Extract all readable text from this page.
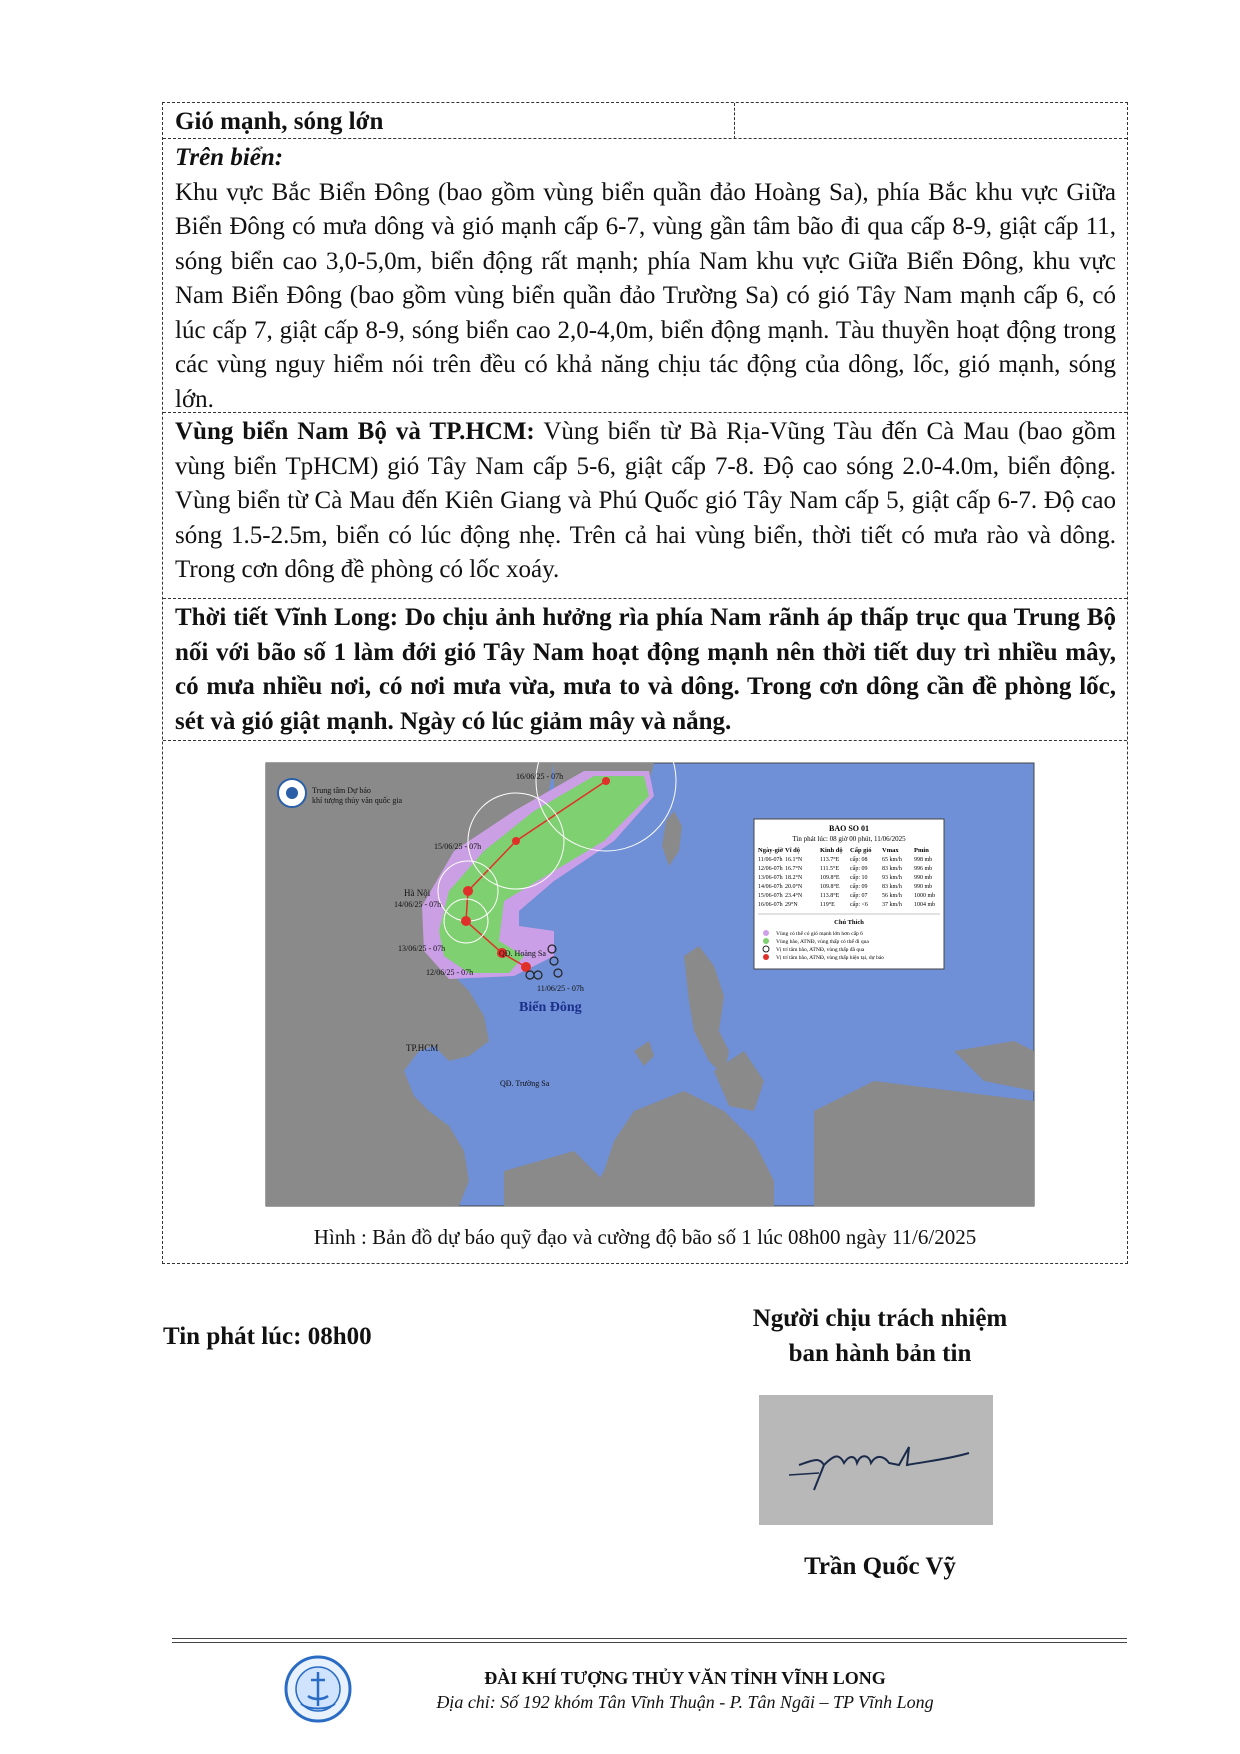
Gió mạnh, sóng lớn
Trên biển:
Khu vực Bắc Biển Đông (bao gồm vùng biển quần đảo Hoàng Sa), phía Bắc khu vực Giữa Biển Đông có mưa dông và gió mạnh cấp 6-7, vùng gần tâm bão đi qua cấp 8-9, giật cấp 11, sóng biển cao 3,0-5,0m, biển động rất mạnh; phía Nam khu vực Giữa Biển Đông, khu vực Nam Biển Đông (bao gồm vùng biển quần đảo Trường Sa) có gió Tây Nam mạnh cấp 6, có lúc cấp 7, giật cấp 8-9, sóng biển cao 2,0-4,0m, biển động mạnh. Tàu thuyền hoạt động trong các vùng nguy hiểm nói trên đều có khả năng chịu tác động của dông, lốc, gió mạnh, sóng lớn.
Vùng biển Nam Bộ và TP.HCM: Vùng biển từ Bà Rịa-Vũng Tàu đến Cà Mau (bao gồm vùng biển TpHCM) gió Tây Nam cấp 5-6, giật cấp 7-8. Độ cao sóng 2.0-4.0m, biển động. Vùng biển từ Cà Mau đến Kiên Giang và Phú Quốc gió Tây Nam cấp 5, giật cấp 6-7. Độ cao sóng 1.5-2.5m, biển có lúc động nhẹ. Trên cả hai vùng biển, thời tiết có mưa rào và dông. Trong cơn dông đề phòng có lốc xoáy.
Thời tiết Vĩnh Long: Do chịu ảnh hưởng rìa phía Nam rãnh áp thấp trục qua Trung Bộ nối với bão số 1 làm đới gió Tây Nam hoạt động mạnh nên thời tiết duy trì nhiều mây, có mưa nhiều nơi, có nơi mưa vừa, mưa to và dông. Trong cơn dông cần đề phòng lốc, sét và gió giật mạnh. Ngày có lúc giảm mây và nắng.
Trung tâm Dự báo
khí tượng thủy văn quốc gia
Hà Nội
TP.HCM
QĐ. Hoàng Sa
QĐ. Trường Sa
Biển Đông
16/06/25 - 07h
15/06/25 - 07h
14/06/25 - 07h
13/06/25 - 07h
12/06/25 - 07h
11/06/25 - 07h
BAO SO 01
Tin phát lúc: 08 giờ 00 phút, 11/06/2025
Ngày-giờ Vĩ độ	Kinh độ Cấp gió Vmax Pmin
11/06-07h 16.1°N	113.7°E cấp: 08 65 km/h 998 mb
12/06-07h 16.7°N	111.5°E cấp: 09 83 km/h 996 mb
13/06-07h 18.2°N	109.8°E cấp: 10 93 km/h 990 mb
14/06-07h 20.0°N	109.8°E cấp: 09 83 km/h 990 mb
15/06-07h 23.4°N	113.8°E cấp: 07 56 km/h 1000 mb
16/06-07h 29°N	119°E	cấp: <6 37 km/h 1004 mb
Chú Thích
Vùng có thể có gió mạnh lớn hơn cấp 6
Vùng bão, ATNĐ, vùng thấp có thể đi qua
Vị trí tâm bão, ATNĐ, vùng thấp đã qua
Vị trí tâm bão, ATNĐ, vùng thấp hiện tại, dự báo
Hình : Bản đồ dự báo quỹ đạo và cường độ bão số 1 lúc 08h00 ngày 11/6/2025
Tin phát lúc: 08h00
Người chịu trách nhiệm
ban hành bản tin
Trần Quốc Vỹ
ĐÀI KHÍ TƯỢNG THỦY VĂN TỈNH VĨNH LONG
Địa chỉ: Số 192 khóm Tân Vĩnh Thuận - P. Tân Ngãi – TP Vĩnh Long
